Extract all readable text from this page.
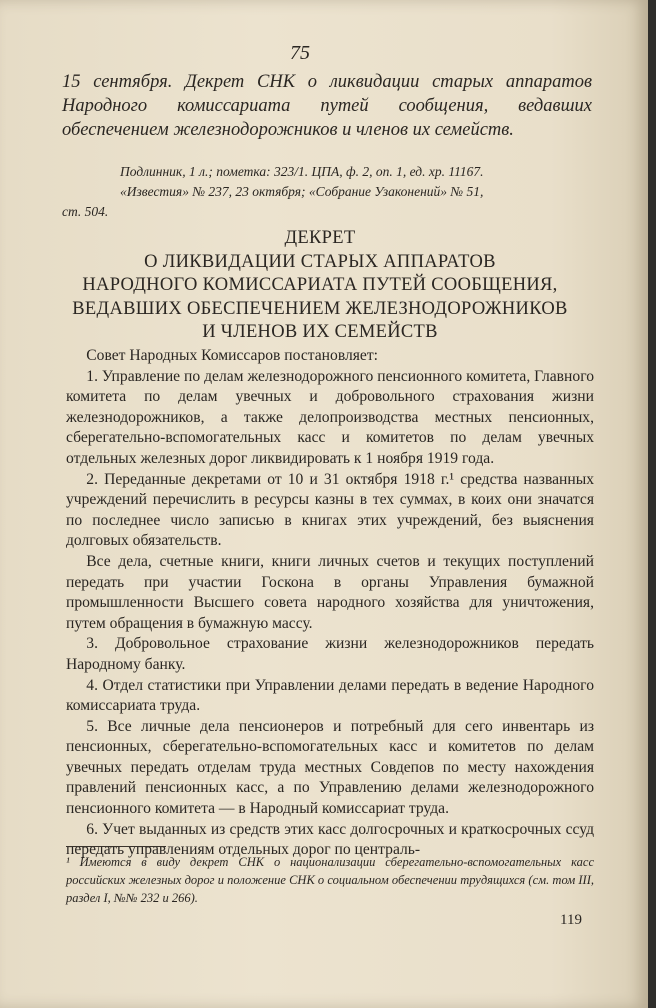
75
15 сентября. Декрет СНК о ликвидации старых аппаратов Народного комиссариата путей сообщения, ведавших обеспечением железнодорожников и членов их семейств.
Подлинник, 1 л.; пометка: 323/1. ЦПА, ф. 2, оп. 1, ед. хр. 11167.
«Известия» № 237, 23 октября; «Собрание Узаконений» № 51,
ст. 504.
ДЕКРЕТ
О ЛИКВИДАЦИИ СТАРЫХ АППАРАТОВ
НАРОДНОГО КОМИССАРИАТА ПУТЕЙ СООБЩЕНИЯ,
ВЕДАВШИХ ОБЕСПЕЧЕНИЕМ ЖЕЛЕЗНОДОРОЖНИКОВ
И ЧЛЕНОВ ИХ СЕМЕЙСТВ

Совет Народных Комиссаров постановляет:

1. Управление по делам железнодорожного пенсионного комитета, Главного комитета по делам увечных и добровольного страхования жизни железнодорожников, а также делопроизводства местных пенсионных, сберегательно-вспомогательных касс и комитетов по делам увечных отдельных железных дорог ликвидировать к 1 ноября 1919 года.

2. Переданные декретами от 10 и 31 октября 1918 г.¹ средства названных учреждений перечислить в ресурсы казны в тех суммах, в коих они значатся по последнее число записью в книгах этих учреждений, без выяснения долговых обязательств.

Все дела, счетные книги, книги личных счетов и текущих поступлений передать при участии Госкона в органы Управления бумажной промышленности Высшего совета народного хозяйства для уничтожения, путем обращения в бумажную массу.

3. Добровольное страхование жизни железнодорожников передать Народному банку.

4. Отдел статистики при Управлении делами передать в ведение Народного комиссариата труда.

5. Все личные дела пенсионеров и потребный для сего инвентарь из пенсионных, сберегательно-вспомогательных касс и комитетов по делам увечных передать отделам труда местных Совдепов по месту нахождения правлений пенсионных касс, а по Управлению делами железнодорожного пенсионного комитета — в Народный комиссариат труда.

6. Учет выданных из средств этих касс долгосрочных и краткосрочных ссуд передать управлениям отдельных дорог по централь-

¹ Имеются в виду декрет СНК о национализации сберегательно-вспомогательных касс российских железных дорог и положение СНК о социальном обеспечении трудящихся (см. том III, раздел I, №№ 232 и 266).
119
